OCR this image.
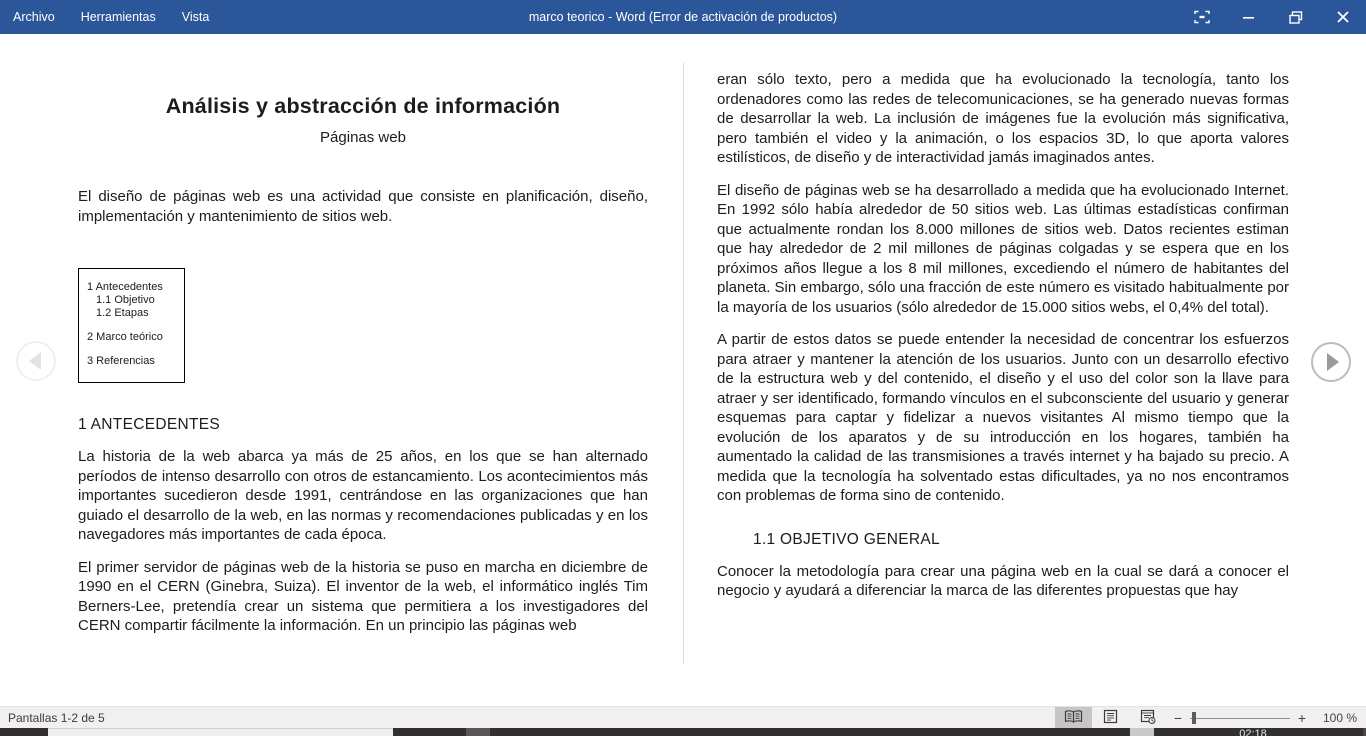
Archivo Herramientas Vista	marco teorico - Word (Error de activación de productos)
Análisis y abstracción de información
Páginas web
El diseño de páginas web es una actividad que consiste en planificación, diseño, implementación y mantenimiento de sitios web.
1 Antecedentes
1.1 Objetivo
1.2 Etapas
2 Marco teórico
3 Referencias
1 ANTECEDENTES
La historia de la web abarca ya más de 25 años, en los que se han alternado períodos de intenso desarrollo con otros de estancamiento. Los acontecimientos más importantes sucedieron desde 1991, centrándose en las organizaciones que han guiado el desarrollo de la web, en las normas y recomendaciones publicadas y en los navegadores más importantes de cada época.
El primer servidor de páginas web de la historia se puso en marcha en diciembre de 1990 en el CERN (Ginebra, Suiza). El inventor de la web, el informático inglés Tim Berners-Lee, pretendía crear un sistema que permitiera a los investigadores del CERN compartir fácilmente la información. En un principio las páginas web
eran sólo texto, pero a medida que ha evolucionado la tecnología, tanto los ordenadores como las redes de telecomunicaciones, se ha generado nuevas formas de desarrollar la web. La inclusión de imágenes fue la evolución más significativa, pero también el video y la animación, o los espacios 3D, lo que aporta valores estilísticos, de diseño y de interactividad jamás imaginados antes.
El diseño de páginas web se ha desarrollado a medida que ha evolucionado Internet. En 1992 sólo había alrededor de 50 sitios web. Las últimas estadísticas confirman que actualmente rondan los 8.000 millones de sitios web. Datos recientes estiman que hay alrededor de 2 mil millones de páginas colgadas y se espera que en los próximos años llegue a los 8 mil millones, excediendo el número de habitantes del planeta. Sin embargo, sólo una fracción de este número es visitado habitualmente por la mayoría de los usuarios (sólo alrededor de 15.000 sitios webs, el 0,4% del total).
A partir de estos datos se puede entender la necesidad de concentrar los esfuerzos para atraer y mantener la atención de los usuarios. Junto con un desarrollo efectivo de la estructura web y del contenido, el diseño y el uso del color son la llave para atraer y ser identificado, formando vínculos en el subconsciente del usuario y generar esquemas para captar y fidelizar a nuevos visitantes Al mismo tiempo que la evolución de los aparatos y de su introducción en los hogares, también ha aumentado la calidad de las transmisiones a través internet y ha bajado su precio. A medida que la tecnología ha solventado estas dificultades, ya no nos encontramos con problemas de forma sino de contenido.
1.1 OBJETIVO GENERAL
Conocer la metodología para crear una página web en la cual se dará a conocer el negocio y ayudará a diferenciar la marca de las diferentes propuestas que hay
Pantallas 1-2 de 5	−	+	100 %
02:18
